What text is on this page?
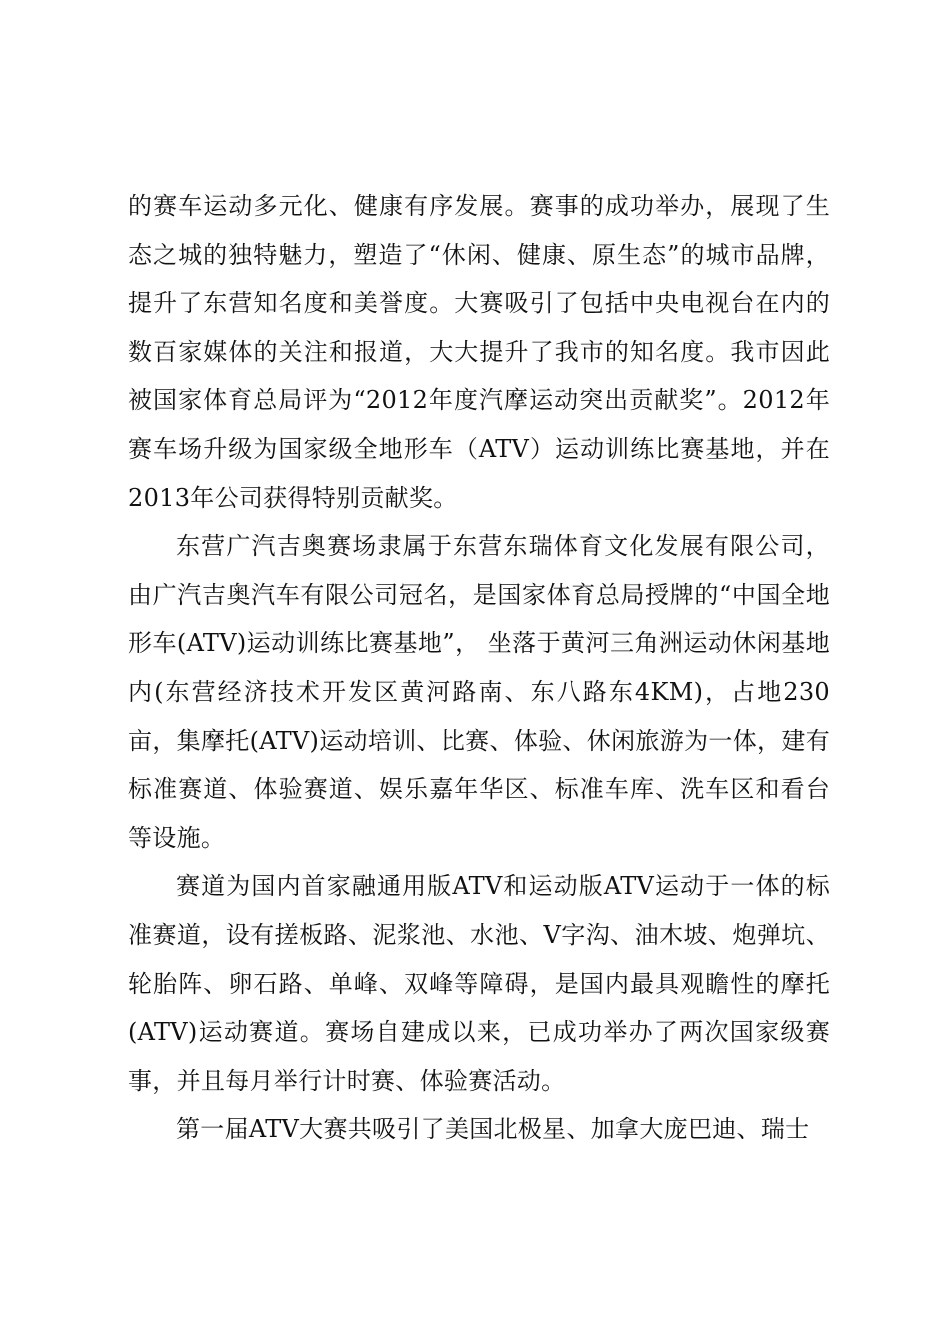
的赛车运动多元化、健康有序发展。赛事的成功举办，展现了生态之城的独特魅力，塑造了“休闲、健康、原生态”的城市品牌，提升了东营知名度和美誉度。大赛吸引了包括中央电视台在内的数百家媒体的关注和报道，大大提升了我市的知名度。我市因此被国家体育总局评为“2012年度汽摩运动突出贡献奖”。2012年赛车场升级为国家级全地形车（ATV）运动训练比赛基地，并在2013年公司获得特别贡献奖。

东营广汽吉奥赛场隶属于东营东瑞体育文化发展有限公司，由广汽吉奥汽车有限公司冠名，是国家体育总局授牌的“中国全地形车(ATV)运动训练比赛基地”， 坐落于黄河三角洲运动休闲基地内(东营经济技术开发区黄河路南、东八路东4KM)，占地230亩，集摩托(ATV)运动培训、比赛、体验、休闲旅游为一体，建有标准赛道、体验赛道、娱乐嘉年华区、标准车库、洗车区和看台等设施。

赛道为国内首家融通用版ATV和运动版ATV运动于一体的标准赛道，设有搓板路、泥浆池、水池、V字沟、油木坡、炮弹坑、轮胎阵、卵石路、单峰、双峰等障碍，是国内最具观瞻性的摩托(ATV)运动赛道。赛场自建成以来，已成功举办了两次国家级赛事，并且每月举行计时赛、体验赛活动。

第一届ATV大赛共吸引了美国北极星、加拿大庞巴迪、瑞士
